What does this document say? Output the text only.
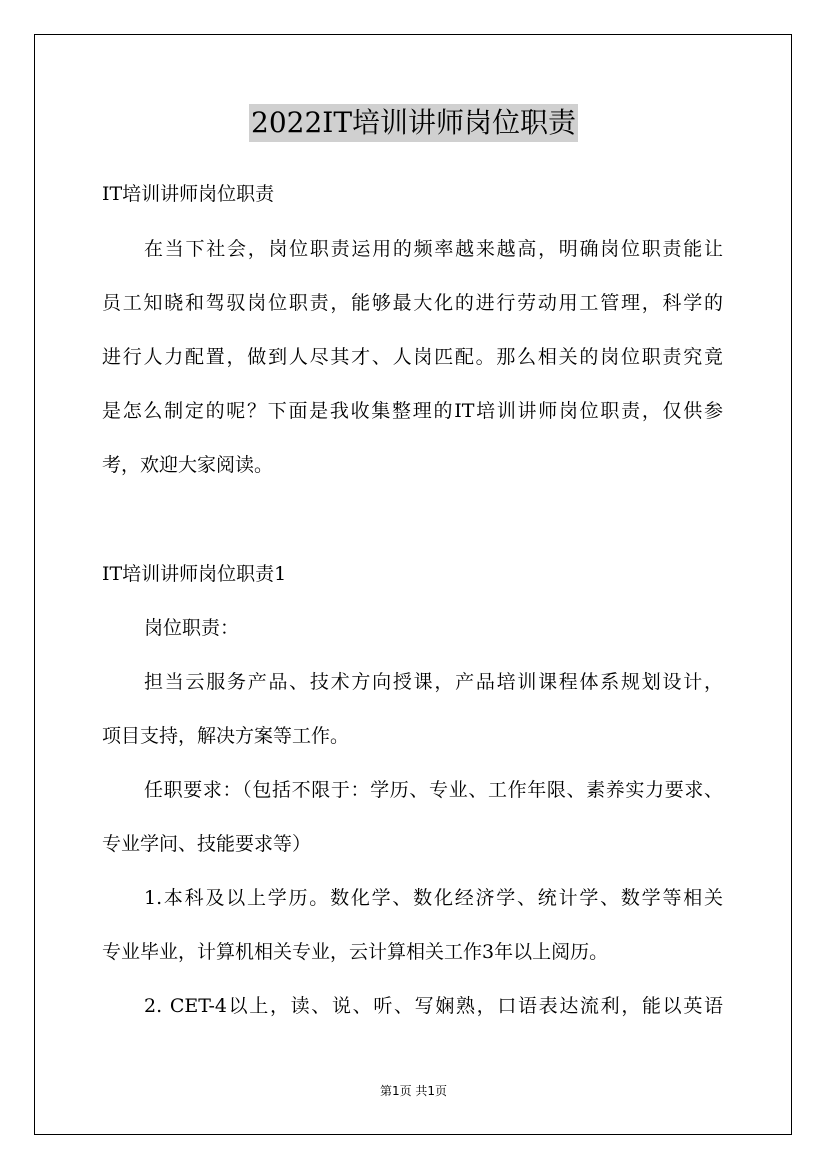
2022IT培训讲师岗位职责
IT培训讲师岗位职责
在当下社会，岗位职责运用的频率越来越高，明确岗位职责能让
员工知晓和驾驭岗位职责，能够最大化的进行劳动用工管理，科学的
进行人力配置，做到人尽其才、人岗匹配。那么相关的岗位职责究竟
是怎么制定的呢？下面是我收集整理的IT培训讲师岗位职责，仅供参
考，欢迎大家阅读。
IT培训讲师岗位职责1
岗位职责：
担当云服务产品、技术方向授课，产品培训课程体系规划设计，
项目支持，解决方案等工作。
任职要求：（包括不限于：学历、专业、工作年限、素养实力要求、
专业学问、技能要求等）
1.本科及以上学历。数化学、数化经济学、统计学、数学等相关
专业毕业，计算机相关专业，云计算相关工作3年以上阅历。
2. CET-4以上，读、说、听、写娴熟，口语表达流利，能以英语
第1页 共1页
